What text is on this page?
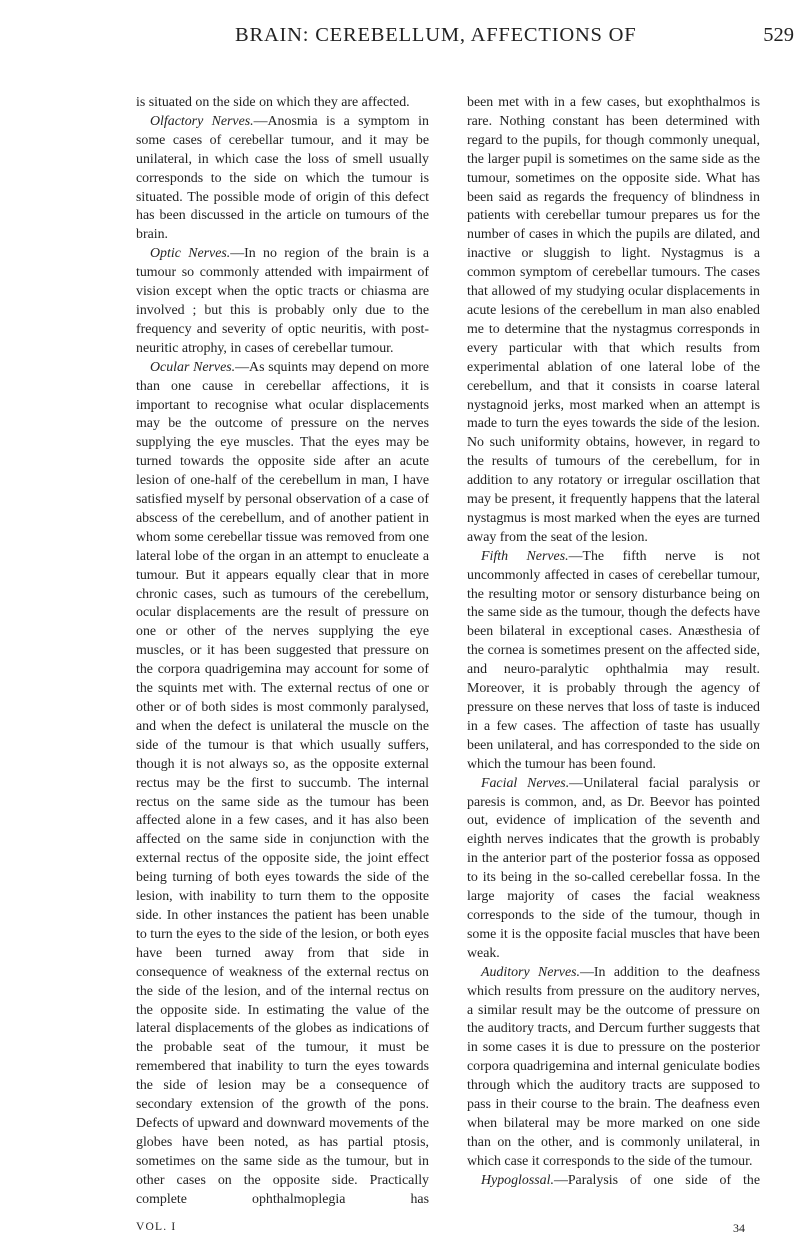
BRAIN: CEREBELLUM, AFFECTIONS OF	529

is situated on the side on which they are affected.

Olfactory Nerves.—Anosmia is a symptom in some cases of cerebellar tumour, and it may be unilateral, in which case the loss of smell usually corresponds to the side on which the tumour is situated. The possible mode of origin of this defect has been discussed in the article on tumours of the brain.

Optic Nerves.—In no region of the brain is a tumour so commonly attended with impairment of vision except when the optic tracts or chiasma are involved ; but this is probably only due to the frequency and severity of optic neuritis, with post-neuritic atrophy, in cases of cerebellar tumour.

Ocular Nerves.—As squints may depend on more than one cause in cerebellar affections, it is important to recognise what ocular displacements may be the outcome of pressure on the nerves supplying the eye muscles. That the eyes may be turned towards the opposite side after an acute lesion of one-half of the cerebellum in man, I have satisfied myself by personal observation of a case of abscess of the cerebellum, and of another patient in whom some cerebellar tissue was removed from one lateral lobe of the organ in an attempt to enucleate a tumour. But it appears equally clear that in more chronic cases, such as tumours of the cerebellum, ocular displacements are the result of pressure on one or other of the nerves supplying the eye muscles, or it has been suggested that pressure on the corpora quadrigemina may account for some of the squints met with. The external rectus of one or other or of both sides is most commonly paralysed, and when the defect is unilateral the muscle on the side of the tumour is that which usually suffers, though it is not always so, as the opposite external rectus may be the first to succumb. The internal rectus on the same side as the tumour has been affected alone in a few cases, and it has also been affected on the same side in conjunction with the external rectus of the opposite side, the joint effect being turning of both eyes towards the side of the lesion, with inability to turn them to the opposite side. In other instances the patient has been unable to turn the eyes to the side of the lesion, or both eyes have been turned away from that side in consequence of weakness of the external rectus on the side of the lesion, and of the internal rectus on the opposite side. In estimating the value of the lateral displacements of the globes as indications of the probable seat of the tumour, it must be remembered that inability to turn the eyes towards the side of lesion may be a consequence of secondary extension of the growth of the pons. Defects of upward and downward movements of the globes have been noted, as has partial ptosis, sometimes on the same side as the tumour, but in other cases on the opposite side. Practically complete ophthalmoplegia has

been met with in a few cases, but exophthalmos is rare. Nothing constant has been determined with regard to the pupils, for though commonly unequal, the larger pupil is sometimes on the same side as the tumour, sometimes on the opposite side. What has been said as regards the frequency of blindness in patients with cerebellar tumour prepares us for the number of cases in which the pupils are dilated, and inactive or sluggish to light. Nystagmus is a common symptom of cerebellar tumours. The cases that allowed of my studying ocular displacements in acute lesions of the cerebellum in man also enabled me to determine that the nystagmus corresponds in every particular with that which results from experimental ablation of one lateral lobe of the cerebellum, and that it consists in coarse lateral nystagnoid jerks, most marked when an attempt is made to turn the eyes towards the side of the lesion. No such uniformity obtains, however, in regard to the results of tumours of the cerebellum, for in addition to any rotatory or irregular oscillation that may be present, it frequently happens that the lateral nystagmus is most marked when the eyes are turned away from the seat of the lesion.

Fifth Nerves.—The fifth nerve is not uncommonly affected in cases of cerebellar tumour, the resulting motor or sensory disturbance being on the same side as the tumour, though the defects have been bilateral in exceptional cases. Anæsthesia of the cornea is sometimes present on the affected side, and neuro-paralytic ophthalmia may result. Moreover, it is probably through the agency of pressure on these nerves that loss of taste is induced in a few cases. The affection of taste has usually been unilateral, and has corresponded to the side on which the tumour has been found.

Facial Nerves.—Unilateral facial paralysis or paresis is common, and, as Dr. Beevor has pointed out, evidence of implication of the seventh and eighth nerves indicates that the growth is probably in the anterior part of the posterior fossa as opposed to its being in the so-called cerebellar fossa. In the large majority of cases the facial weakness corresponds to the side of the tumour, though in some it is the opposite facial muscles that have been weak.

Auditory Nerves.—In addition to the deafness which results from pressure on the auditory nerves, a similar result may be the outcome of pressure on the auditory tracts, and Dercum further suggests that in some cases it is due to pressure on the posterior corpora quadrigemina and internal geniculate bodies through which the auditory tracts are supposed to pass in their course to the brain. The deafness even when bilateral may be more marked on one side than on the other, and is commonly unilateral, in which case it corresponds to the side of the tumour.

Hypoglossal.—Paralysis of one side of the

VOL. I	34
